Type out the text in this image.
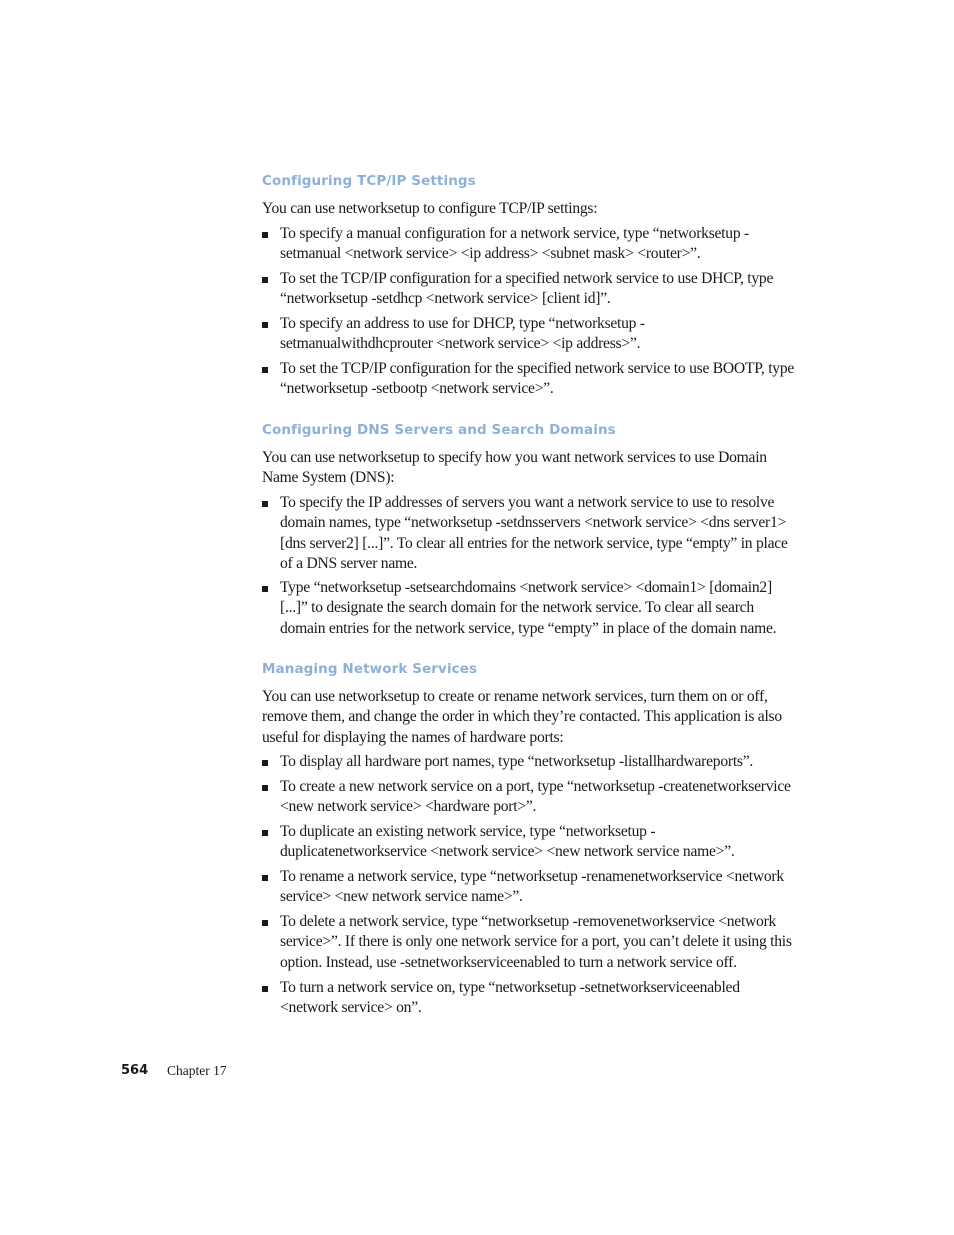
Configuring TCP/IP Settings

You can use networksetup to configure TCP/IP settings:

To specify a manual configuration for a network service, type “networksetup -setmanual <network service> <ip address> <subnet mask> <router>”.
To set the TCP/IP configuration for a specified network service to use DHCP, type “networksetup -setdhcp <network service> [client id]”.
To specify an address to use for DHCP, type “networksetup -setmanualwithdhcprouter <network service> <ip address>”.
To set the TCP/IP configuration for the specified network service to use BOOTP, type “networksetup -setbootp <network service>”.
Configuring DNS Servers and Search Domains

You can use networksetup to specify how you want network services to use Domain Name System (DNS):

To specify the IP addresses of servers you want a network service to use to resolve domain names, type “networksetup -setdnsservers <network service> <dns server1> [dns server2] [...]”. To clear all entries for the network service, type “empty” in place of a DNS server name.
Type “networksetup -setsearchdomains <network service> <domain1> [domain2] [...]” to designate the search domain for the network service. To clear all search domain entries for the network service, type “empty” in place of the domain name.
Managing Network Services

You can use networksetup to create or rename network services, turn them on or off, remove them, and change the order in which they’re contacted. This application is also useful for displaying the names of hardware ports:

To display all hardware port names, type “networksetup -listallhardwareports”.
To create a new network service on a port, type “networksetup -createnetworkservice <new network service> <hardware port>”.
To duplicate an existing network service, type “networksetup -duplicatenetworkservice <network service> <new network service name>”.
To rename a network service, type “networksetup -renamenetworkservice <network service> <new network service name>”.
To delete a network service, type “networksetup -removenetworkservice <network service>”. If there is only one network service for a port, you can’t delete it using this option. Instead, use -setnetworkserviceenabled to turn a network service off.
To turn a network service on, type “networksetup -setnetworkserviceenabled <network service> on”.
564 Chapter 17
